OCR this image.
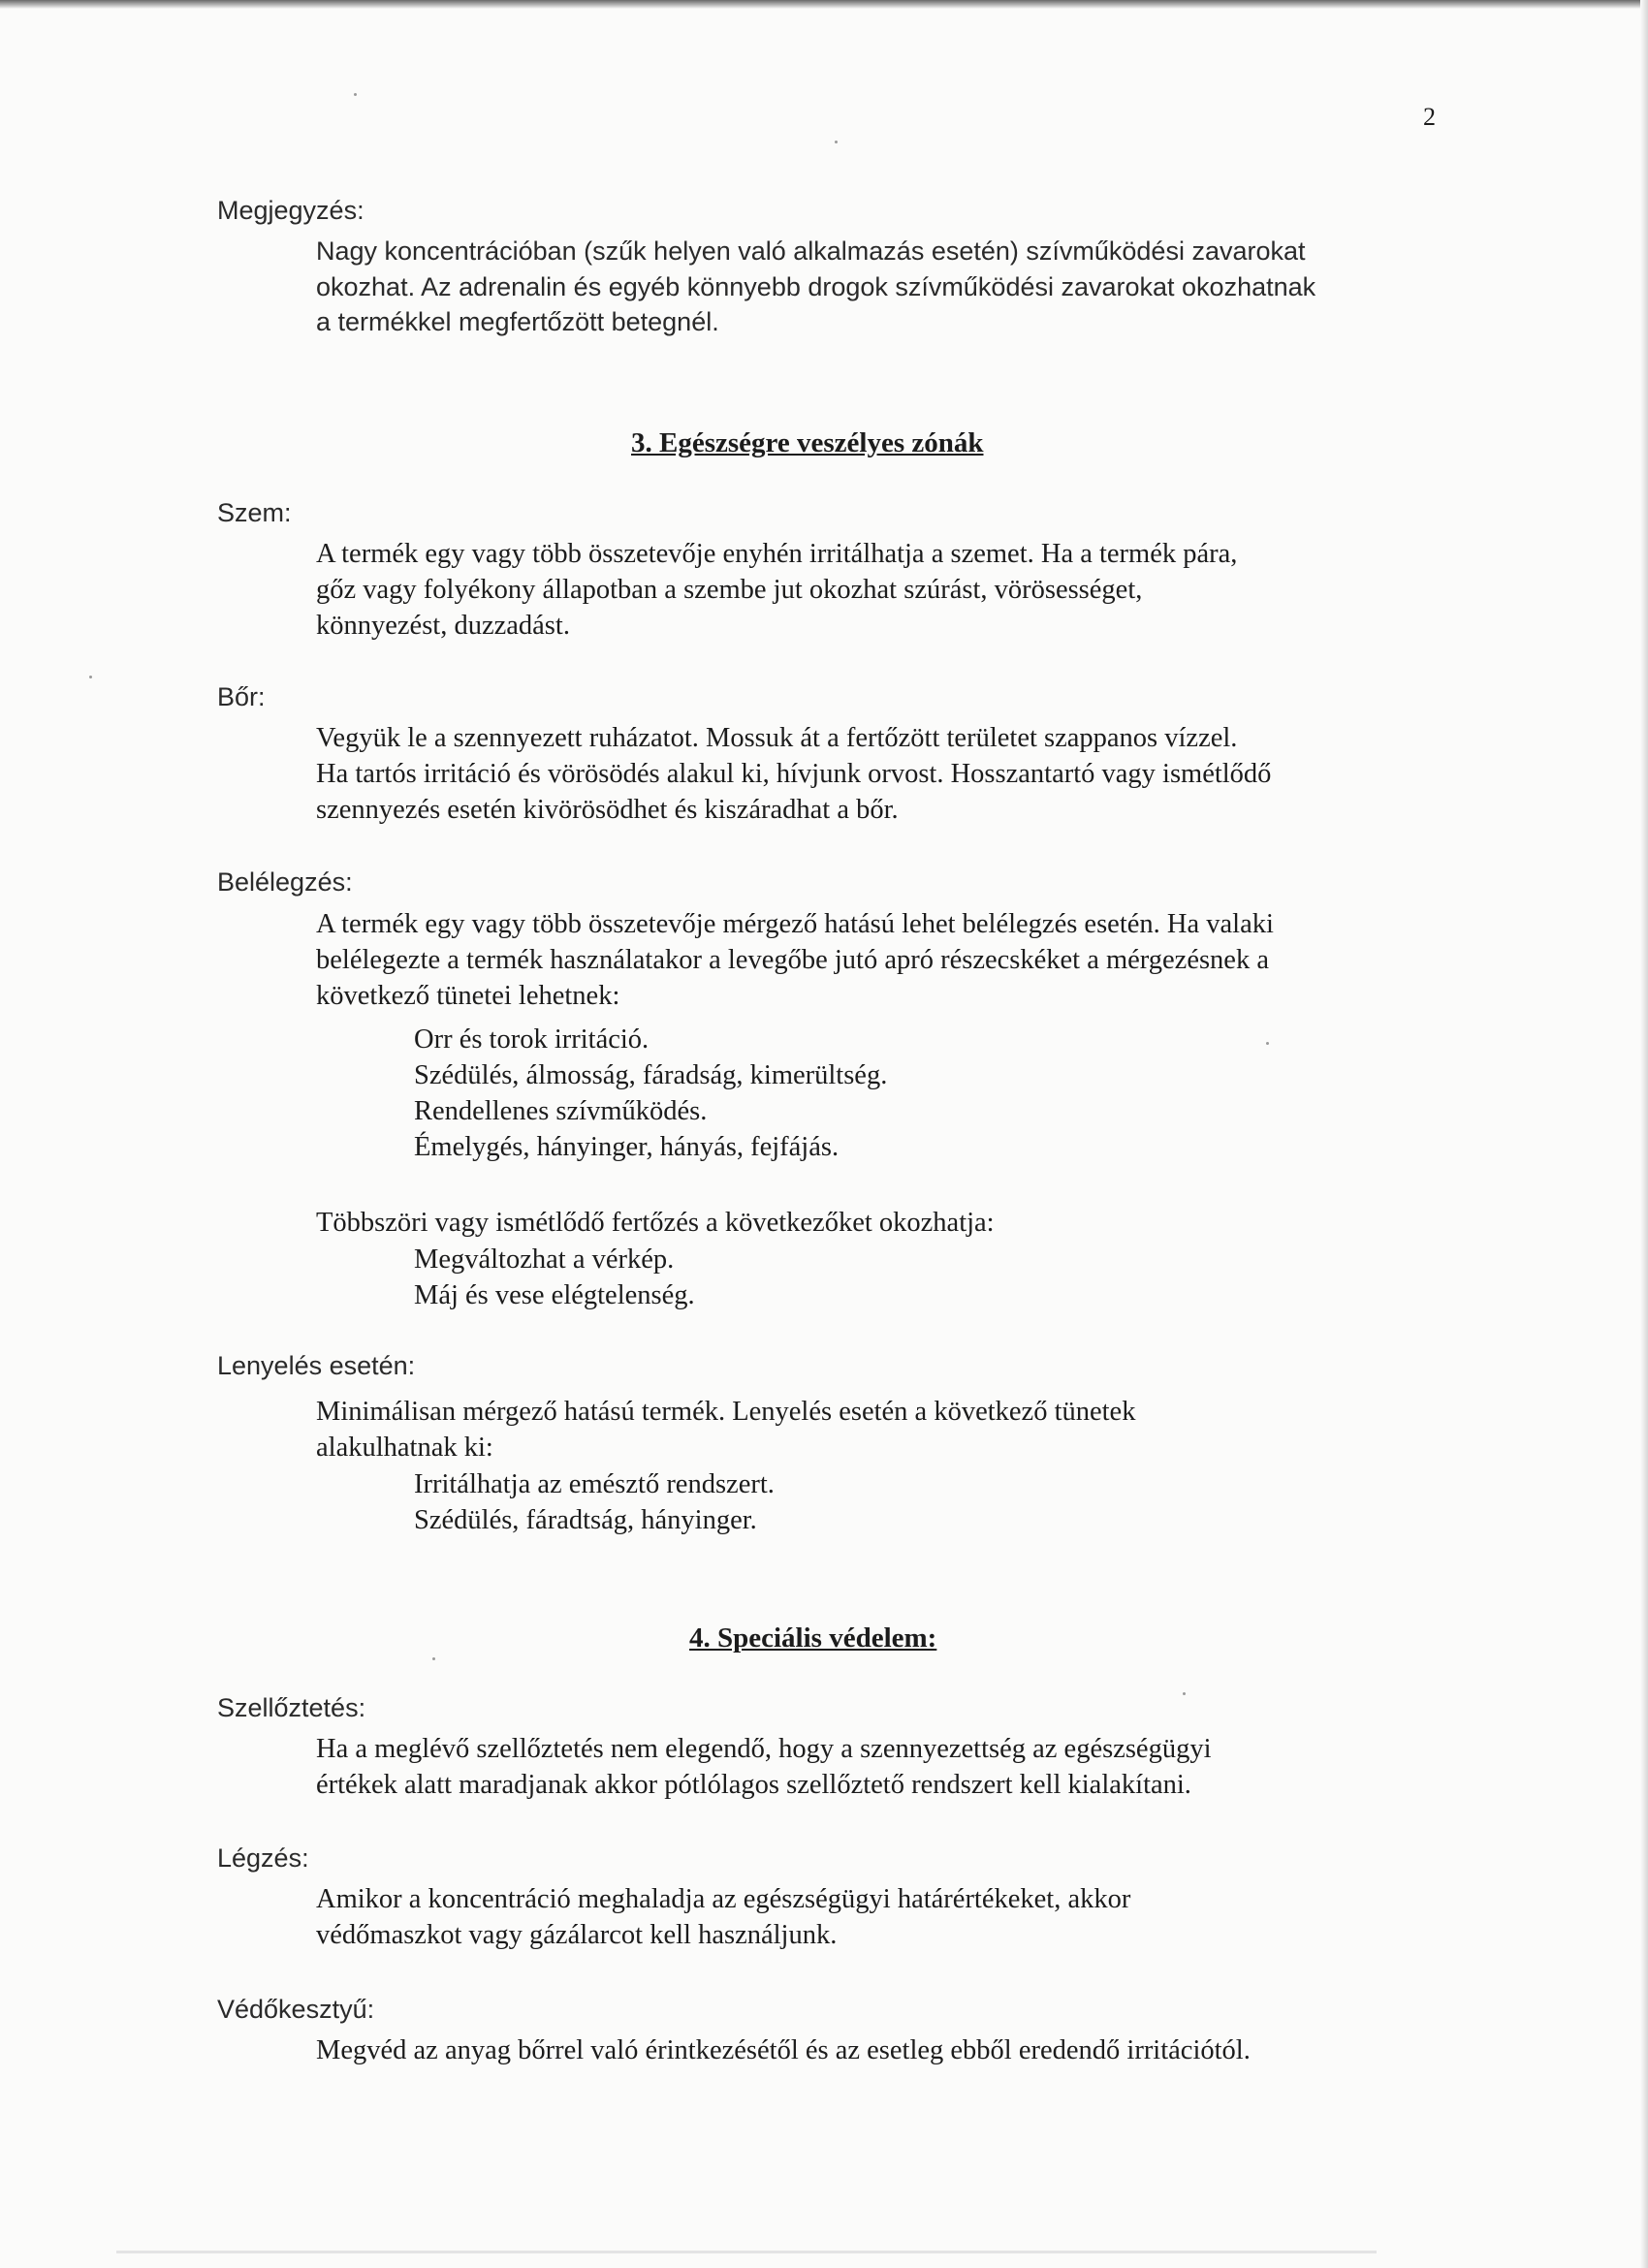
2
Megjegyzés:
Nagy koncentrációban (szűk helyen való alkalmazás esetén) szívműködési zavarokat
okozhat. Az adrenalin és egyéb könnyebb drogok szívműködési zavarokat okozhatnak
a termékkel megfertőzött betegnél.
3. Egészségre veszélyes zónák
Szem:
A termék egy vagy több összetevője enyhén irritálhatja a szemet. Ha a termék pára,
gőz vagy folyékony állapotban a szembe jut okozhat szúrást, vörösességet,
könnyezést, duzzadást.
Bőr:
Vegyük le a szennyezett ruházatot. Mossuk át a fertőzött területet szappanos vízzel.
Ha tartós irritáció és vörösödés alakul ki, hívjunk orvost. Hosszantartó vagy ismétlődő
szennyezés esetén kivörösödhet és kiszáradhat a bőr.
Belélegzés:
A termék egy vagy több összetevője mérgező hatású lehet belélegzés esetén. Ha valaki
belélegezte a termék használatakor a levegőbe jutó apró részecskéket a mérgezésnek a
következő tünetei lehetnek:
Orr és torok irritáció.
Szédülés, álmosság, fáradság, kimerültség.
Rendellenes szívműködés.
Émelygés, hányinger, hányás, fejfájás.
Többszöri vagy ismétlődő fertőzés a következőket okozhatja:
Megváltozhat a vérkép.
Máj és vese elégtelenség.
Lenyelés esetén:
Minimálisan mérgező hatású termék. Lenyelés esetén a következő tünetek
alakulhatnak ki:
Irritálhatja az emésztő rendszert.
Szédülés, fáradtság, hányinger.
4. Speciális védelem:
Szellőztetés:
Ha a meglévő szellőztetés nem elegendő, hogy a szennyezettség az egészségügyi
értékek alatt maradjanak akkor pótlólagos szellőztető rendszert kell kialakítani.
Légzés:
Amikor a koncentráció meghaladja az egészségügyi határértékeket, akkor
védőmaszkot vagy gázálarcot kell használjunk.
Védőkesztyű:
Megvéd az anyag bőrrel való érintkezésétől és az esetleg ebből eredendő irritációtól.
